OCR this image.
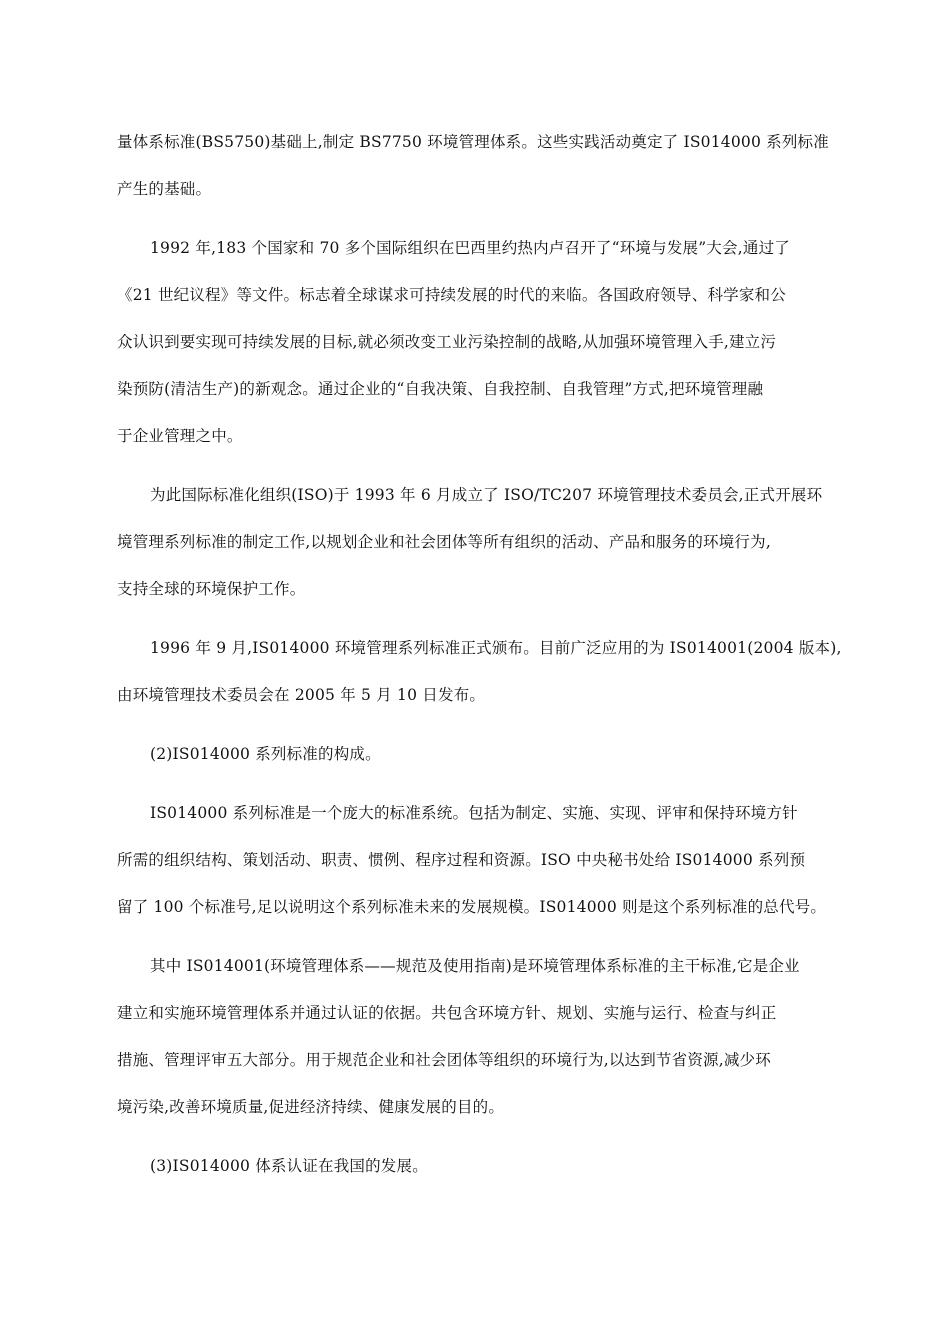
量体系标准(BS5750)基础上,制定 BS7750 环境管理体系。这些实践活动奠定了 IS014000 系列标准
产生的基础。
1992 年,183 个国家和 70 多个国际组织在巴西里约热内卢召开了“环境与发展”大会,通过了
《21 世纪议程》等文件。标志着全球谋求可持续发展的时代的来临。各国政府领导、科学家和公
众认识到要实现可持续发展的目标,就必须改变工业污染控制的战略,从加强环境管理入手,建立污
染预防(清洁生产)的新观念。通过企业的“自我决策、自我控制、自我管理”方式,把环境管理融
于企业管理之中。
为此国际标准化组织(ISO)于 1993 年 6 月成立了 ISO/TC207 环境管理技术委员会,正式开展环
境管理系列标准的制定工作,以规划企业和社会团体等所有组织的活动、产品和服务的环境行为,
支持全球的环境保护工作。
1996 年 9 月,IS014000 环境管理系列标准正式颁布。目前广泛应用的为 IS014001(2004 版本),
由环境管理技术委员会在 2005 年 5 月 10 日发布。
(2)IS014000 系列标准的构成。
IS014000 系列标准是一个庞大的标准系统。包括为制定、实施、实现、评审和保持环境方针
所需的组织结构、策划活动、职责、惯例、程序过程和资源。ISO 中央秘书处给 IS014000 系列预
留了 100 个标准号,足以说明这个系列标准未来的发展规模。IS014000 则是这个系列标准的总代号。
其中 IS014001(环境管理体系——规范及使用指南)是环境管理体系标准的主干标准,它是企业
建立和实施环境管理体系并通过认证的依据。共包含环境方针、规划、实施与运行、检查与纠正
措施、管理评审五大部分。用于规范企业和社会团体等组织的环境行为,以达到节省资源,减少环
境污染,改善环境质量,促进经济持续、健康发展的目的。
(3)IS014000 体系认证在我国的发展。
